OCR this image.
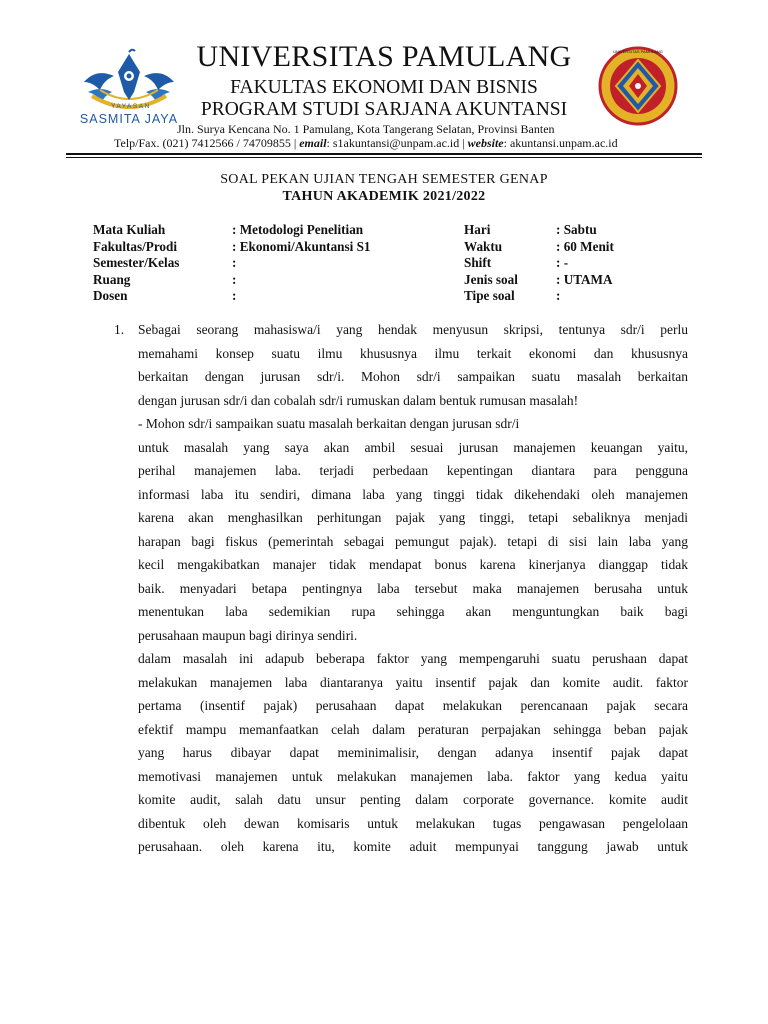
YAYASAN
SASMITA JAYA
UNIVERSITAS PAMULANG
FAKULTAS EKONOMI DAN BISNIS
PROGRAM STUDI SARJANA AKUNTANSI
UNIVERSITAS PAMULANG
Jln. Surya Kencana No. 1 Pamulang, Kota Tangerang Selatan, Provinsi Banten
Telp/Fax. (021) 7412566 / 74709855 | email: s1akuntansi@unpam.ac.id | website: akuntansi.unpam.ac.id
SOAL PEKAN UJIAN TENGAH SEMESTER GENAP
TAHUN AKADEMIK 2021/2022
Mata Kuliah	: Metodologi Penelitian	Hari	: Sabtu
Fakultas/Prodi	: Ekonomi/Akuntansi S1	Waktu	: 60 Menit
Semester/Kelas	:	Shift	: -
Ruang	:	Jenis soal	: UTAMA
Dosen	:	Tipe soal	:
1. Sebagai seorang mahasiswa/i yang hendak menyusun skripsi, tentunya sdr/i perlu
memahami konsep suatu ilmu khususnya ilmu terkait ekonomi dan khususnya
berkaitan dengan jurusan sdr/i. Mohon sdr/i sampaikan suatu masalah berkaitan
dengan jurusan sdr/i dan cobalah sdr/i rumuskan dalam bentuk rumusan masalah!
- Mohon sdr/i sampaikan suatu masalah berkaitan dengan jurusan sdr/i
untuk masalah yang saya akan ambil sesuai jurusan manajemen keuangan yaitu,
perihal manajemen laba. terjadi perbedaan kepentingan diantara para pengguna
informasi laba itu sendiri, dimana laba yang tinggi tidak dikehendaki oleh manajemen
karena akan menghasilkan perhitungan pajak yang tinggi, tetapi sebaliknya menjadi
harapan bagi fiskus (pemerintah sebagai pemungut pajak). tetapi di sisi lain laba yang
kecil mengakibatkan manajer tidak mendapat bonus karena kinerjanya dianggap tidak
baik. menyadari betapa pentingnya laba tersebut maka manajemen berusaha untuk
menentukan laba sedemikian rupa sehingga akan menguntungkan baik bagi
perusahaan maupun bagi dirinya sendiri.
dalam masalah ini adapub beberapa faktor yang mempengaruhi suatu perushaan dapat
melakukan manajemen laba diantaranya yaitu insentif pajak dan komite audit. faktor
pertama (insentif pajak) perusahaan dapat melakukan perencanaan pajak secara
efektif mampu memanfaatkan celah dalam peraturan perpajakan sehingga beban pajak
yang harus dibayar dapat meminimalisir, dengan adanya insentif pajak dapat
memotivasi manajemen untuk melakukan manajemen laba. faktor yang kedua yaitu
komite audit, salah datu unsur penting dalam corporate governance. komite audit
dibentuk oleh dewan komisaris untuk melakukan tugas pengawasan pengelolaan
perusahaan. oleh karena itu, komite aduit mempunyai tanggung jawab untuk
